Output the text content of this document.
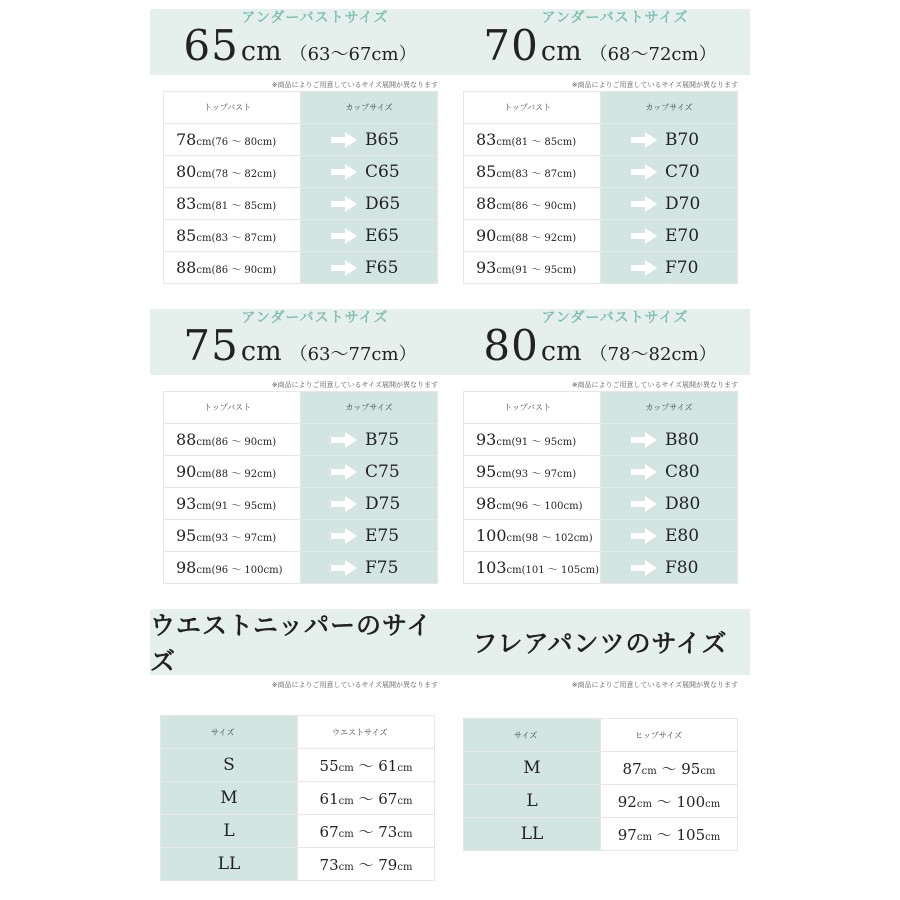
アンダーバストサイズ
65cm （63〜67cm）
※商品によりご用意しているサイズ展開が異なります
トップバスト	カップサイズ
78cm(76 ～ 80cm)	B65
80cm(78 ～ 82cm)	C65
83cm(81 ～ 85cm)	D65
85cm(83 ～ 87cm)	E65
88cm(86 ～ 90cm)	F65
アンダーバストサイズ
70cm （68〜72cm）
※商品によりご用意しているサイズ展開が異なります
トップバスト	カップサイズ
83cm(81 ～ 85cm)	B70
85cm(83 ～ 87cm)	C70
88cm(86 ～ 90cm)	D70
90cm(88 ～ 92cm)	E70
93cm(91 ～ 95cm)	F70
アンダーバストサイズ
75cm （63〜77cm）
※商品によりご用意しているサイズ展開が異なります
トップバスト	カップサイズ
88cm(86 ～ 90cm)	B75
90cm(88 ～ 92cm)	C75
93cm(91 ～ 95cm)	D75
95cm(93 ～ 97cm)	E75
98cm(96 ～ 100cm)	F75
アンダーバストサイズ
80cm （78〜82cm）
※商品によりご用意しているサイズ展開が異なります
トップバスト	カップサイズ
93cm(91 ～ 95cm)	B80
95cm(93 ～ 97cm)	C80
98cm(96 ～ 100cm)	D80
100cm(98 ～ 102cm)	E80
103cm(101 ～ 105cm)	F80
ウエストニッパーのサイズ
※商品によりご用意しているサイズ展開が異なります
サイズ	ウエストサイズ
S	55cm ～ 61cm
M	61cm ～ 67cm
L	67cm ～ 73cm
LL	73cm ～ 79cm
フレアパンツのサイズ
※商品によりご用意しているサイズ展開が異なります
サイズ	ヒップサイズ
M	87cm ～ 95cm
L	92cm ～ 100cm
LL	97cm ～ 105cm
